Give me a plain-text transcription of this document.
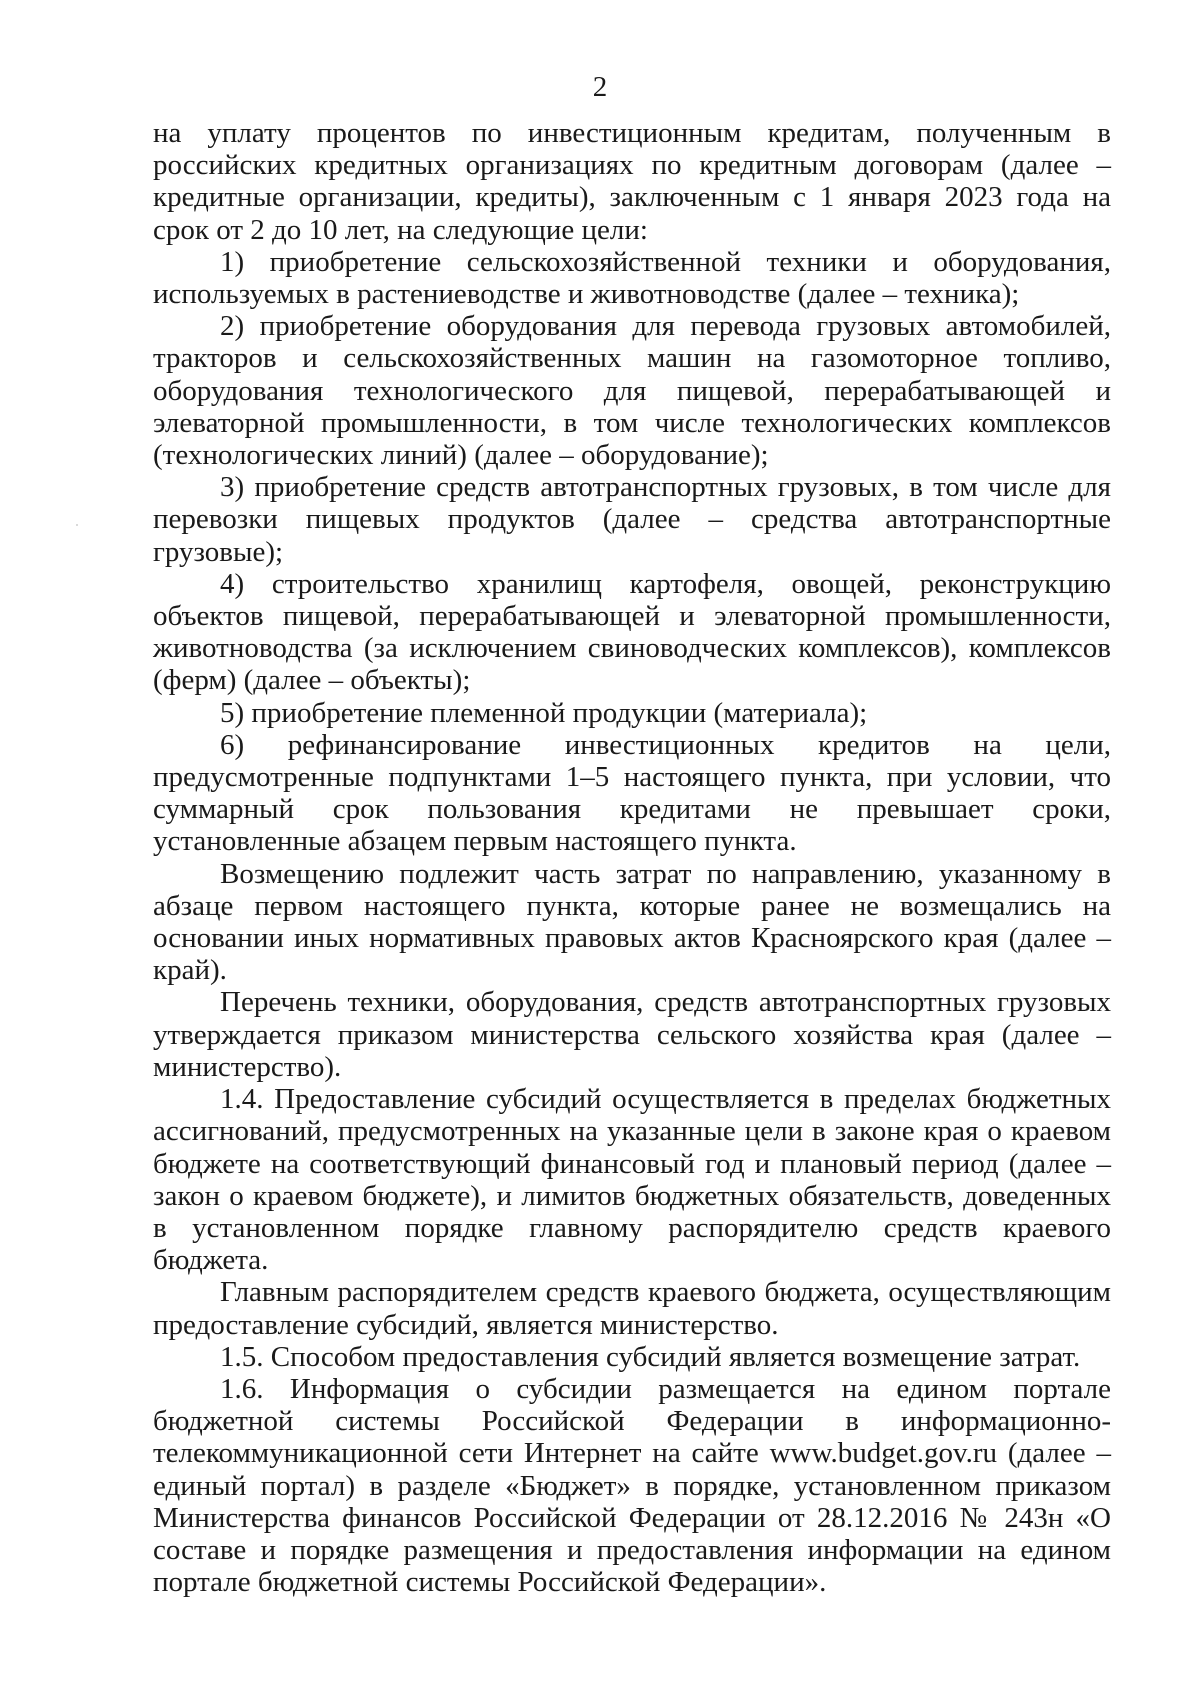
2

на уплату процентов по инвестиционным кредитам, полученным в российских кредитных организациях по кредитным договорам (далее – кредитные организации, кредиты), заключенным с 1 января 2023 года на срок от 2 до 10 лет, на следующие цели:

1) приобретение сельскохозяйственной техники и оборудования, используемых в растениеводстве и животноводстве (далее – техника);

2) приобретение оборудования для перевода грузовых автомобилей, тракторов и сельскохозяйственных машин на газомоторное топливо, оборудования технологического для пищевой, перерабатывающей и элеваторной промышленности, в том числе технологических комплексов (технологических линий) (далее – оборудование);

3) приобретение средств автотранспортных грузовых, в том числе для перевозки пищевых продуктов (далее – средства автотранспортные грузовые);

4) строительство хранилищ картофеля, овощей, реконструкцию объектов пищевой, перерабатывающей и элеваторной промышленности, животноводства (за исключением свиноводческих комплексов), комплексов (ферм) (далее – объекты);

5) приобретение племенной продукции (материала);

6) рефинансирование инвестиционных кредитов на цели, предусмотренные подпунктами 1–5 настоящего пункта, при условии, что суммарный срок пользования кредитами не превышает сроки, установленные абзацем первым настоящего пункта.

Возмещению подлежит часть затрат по направлению, указанному в абзаце первом настоящего пункта, которые ранее не возмещались на основании иных нормативных правовых актов Красноярского края (далее – край).

Перечень техники, оборудования, средств автотранспортных грузовых утверждается приказом министерства сельского хозяйства края (далее – министерство).

1.4. Предоставление субсидий осуществляется в пределах бюджетных ассигнований, предусмотренных на указанные цели в законе края о краевом бюджете на соответствующий финансовый год и плановый период (далее – закон о краевом бюджете), и лимитов бюджетных обязательств, доведенных в установленном порядке главному распорядителю средств краевого бюджета.

Главным распорядителем средств краевого бюджета, осуществляющим предоставление субсидий, является министерство.

1.5. Способом предоставления субсидий является возмещение затрат.

1.6. Информация о субсидии размещается на едином портале бюджетной системы Российской Федерации в информационно-телекоммуникационной сети Интернет на сайте www.budget.gov.ru (далее – единый портал) в разделе «Бюджет» в порядке, установленном приказом Министерства финансов Российской Федерации от 28.12.2016 № 243н «О составе и порядке размещения и предоставления информации на едином портале бюджетной системы Российской Федерации».
